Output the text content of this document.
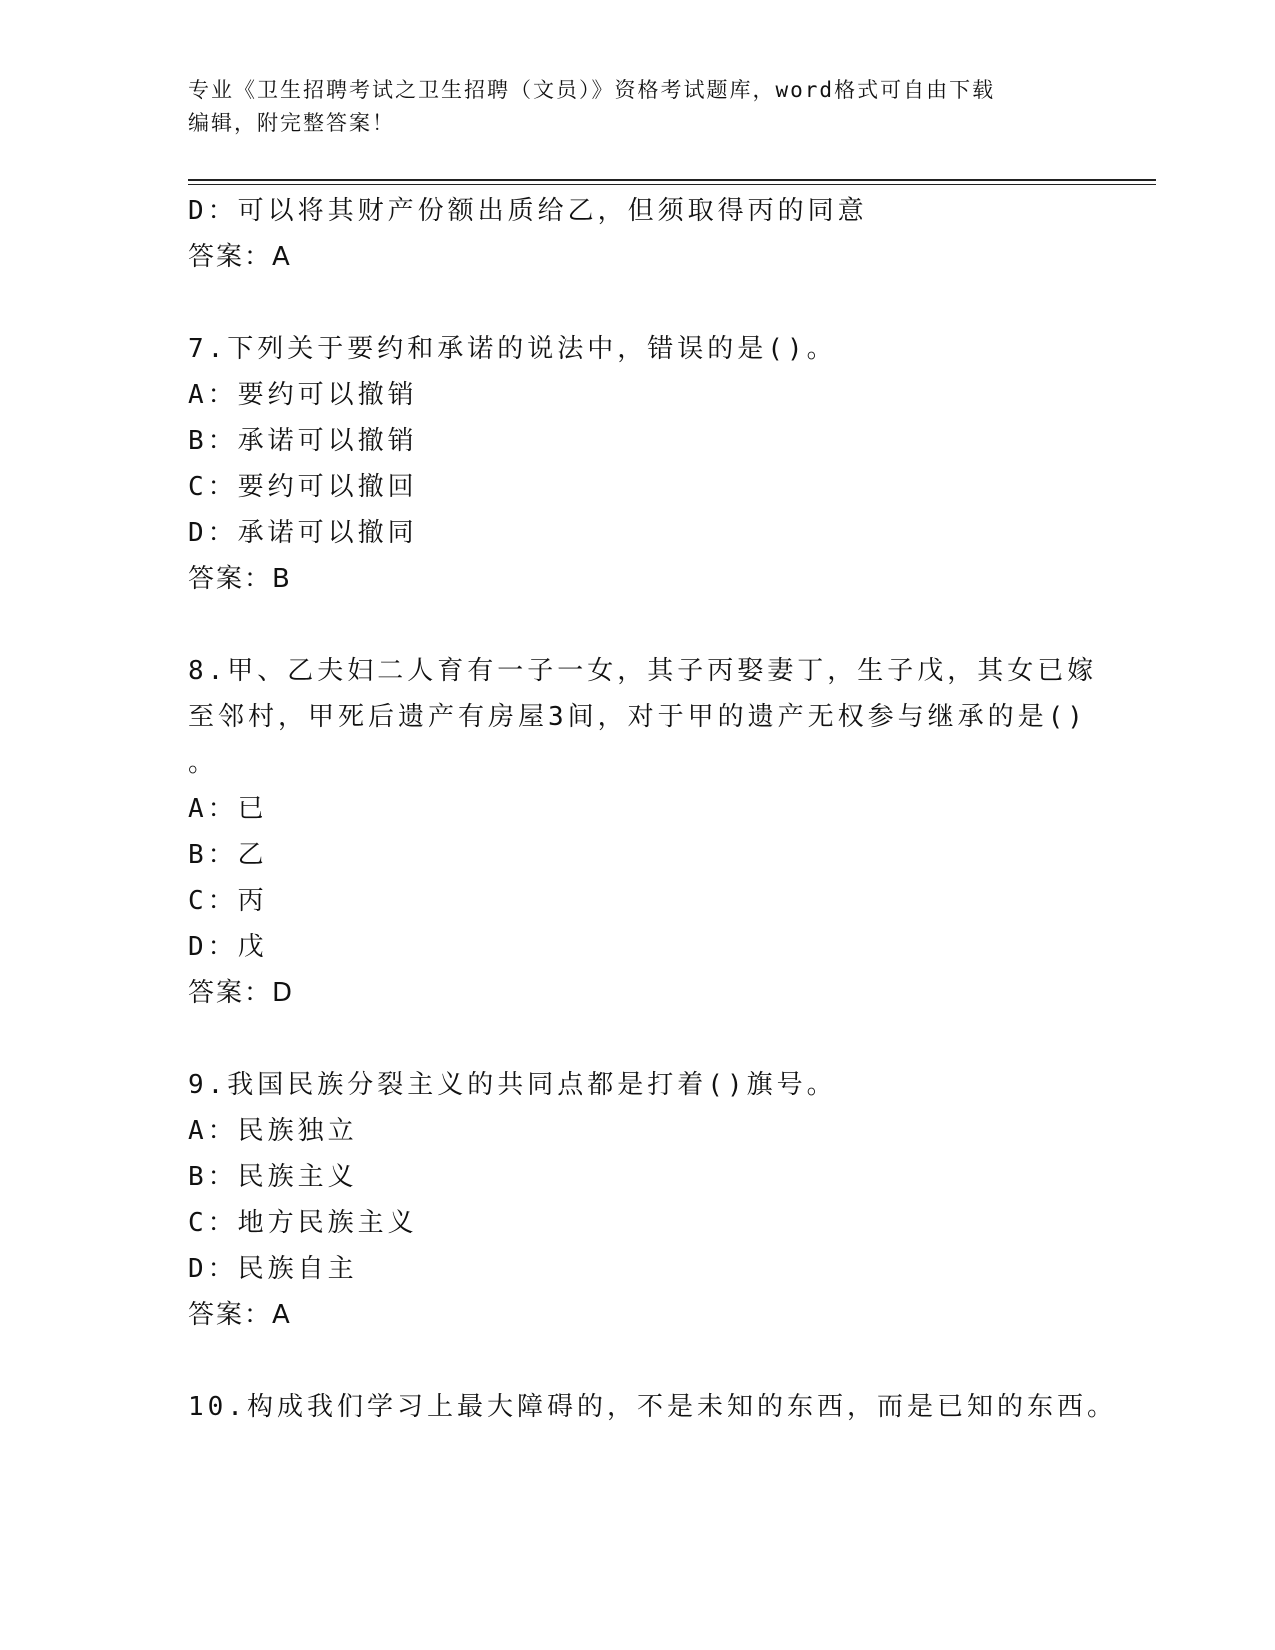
专业《卫生招聘考试之卫生招聘（文员）》资格考试题库，word格式可自由下载
编辑，附完整答案！
D：可以将其财产份额出质给乙，但须取得丙的同意
答案：A
7.下列关于要约和承诺的说法中，错误的是()。
A：要约可以撤销
B：承诺可以撤销
C：要约可以撤回
D：承诺可以撤同
答案：B
8.甲、乙夫妇二人育有一子一女，其子丙娶妻丁，生子戊，其女已嫁
至邻村，甲死后遗产有房屋3间，对于甲的遗产无权参与继承的是()
。
A：已
B：乙
C：丙
D：戊
答案：D
9.我国民族分裂主义的共同点都是打着()旗号。
A：民族独立
B：民族主义
C：地方民族主义
D：民族自主
答案：A
10.构成我们学习上最大障碍的，不是未知的东西，而是已知的东西。
